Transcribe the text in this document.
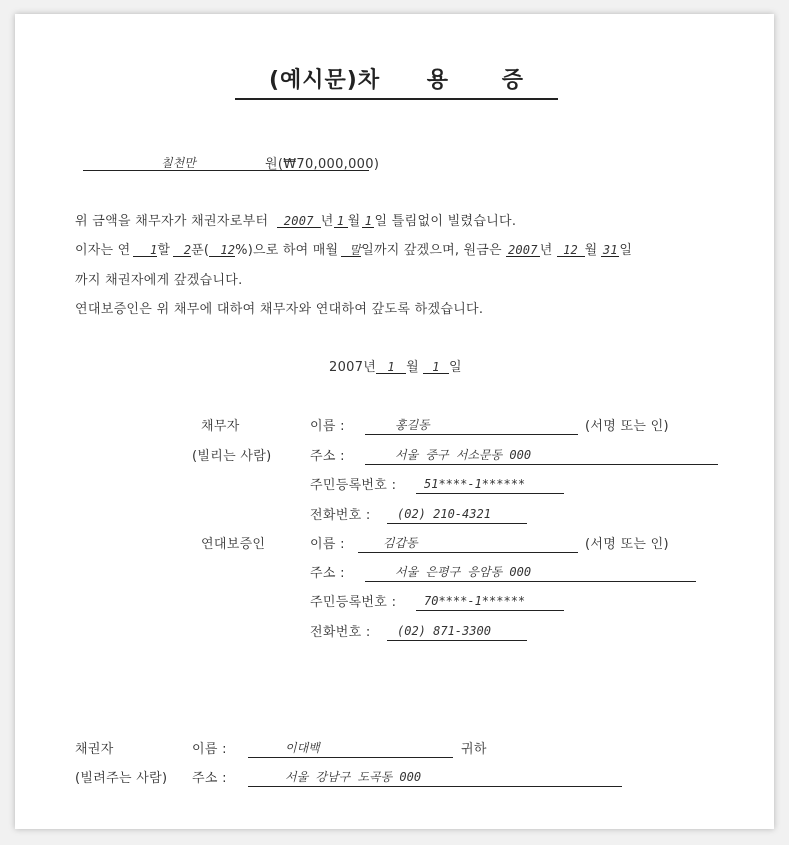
(예시문)차 용 증
칠천만	원(₩70,000,000)
위 금액을 채무자가 채권자로부터 2007 년 1 월 1 일 틀림없이 빌렸습니다.
이자는 연 1할 2푼( 12%)으로 하여 매월 말일까지 갚겠으며, 원금은 2007 년 12 월 31 일
까지 채권자에게 갚겠습니다.
연대보증인은 위 채무에 대하여 채무자와 연대하여 갚도록 하겠습니다.
2007년 1 월 1 일
채무자
(빌리는 사람)
이름 :	홍길동	(서명 또는 인)
주소 :	서울 중구 서소문동 000
주민등록번호 : 51****-1******
전화번호 : (02) 210-4321
연대보증인	이름 :	김갑동	(서명 또는 인)
주소 :	서울 은평구 응암동 000
주민등록번호 : 70****-1******
전화번호 : (02) 871-3300
채권자	이름 :	이대백	귀하
(빌려주는 사람) 주소 :	서울 강남구 도곡동 000
